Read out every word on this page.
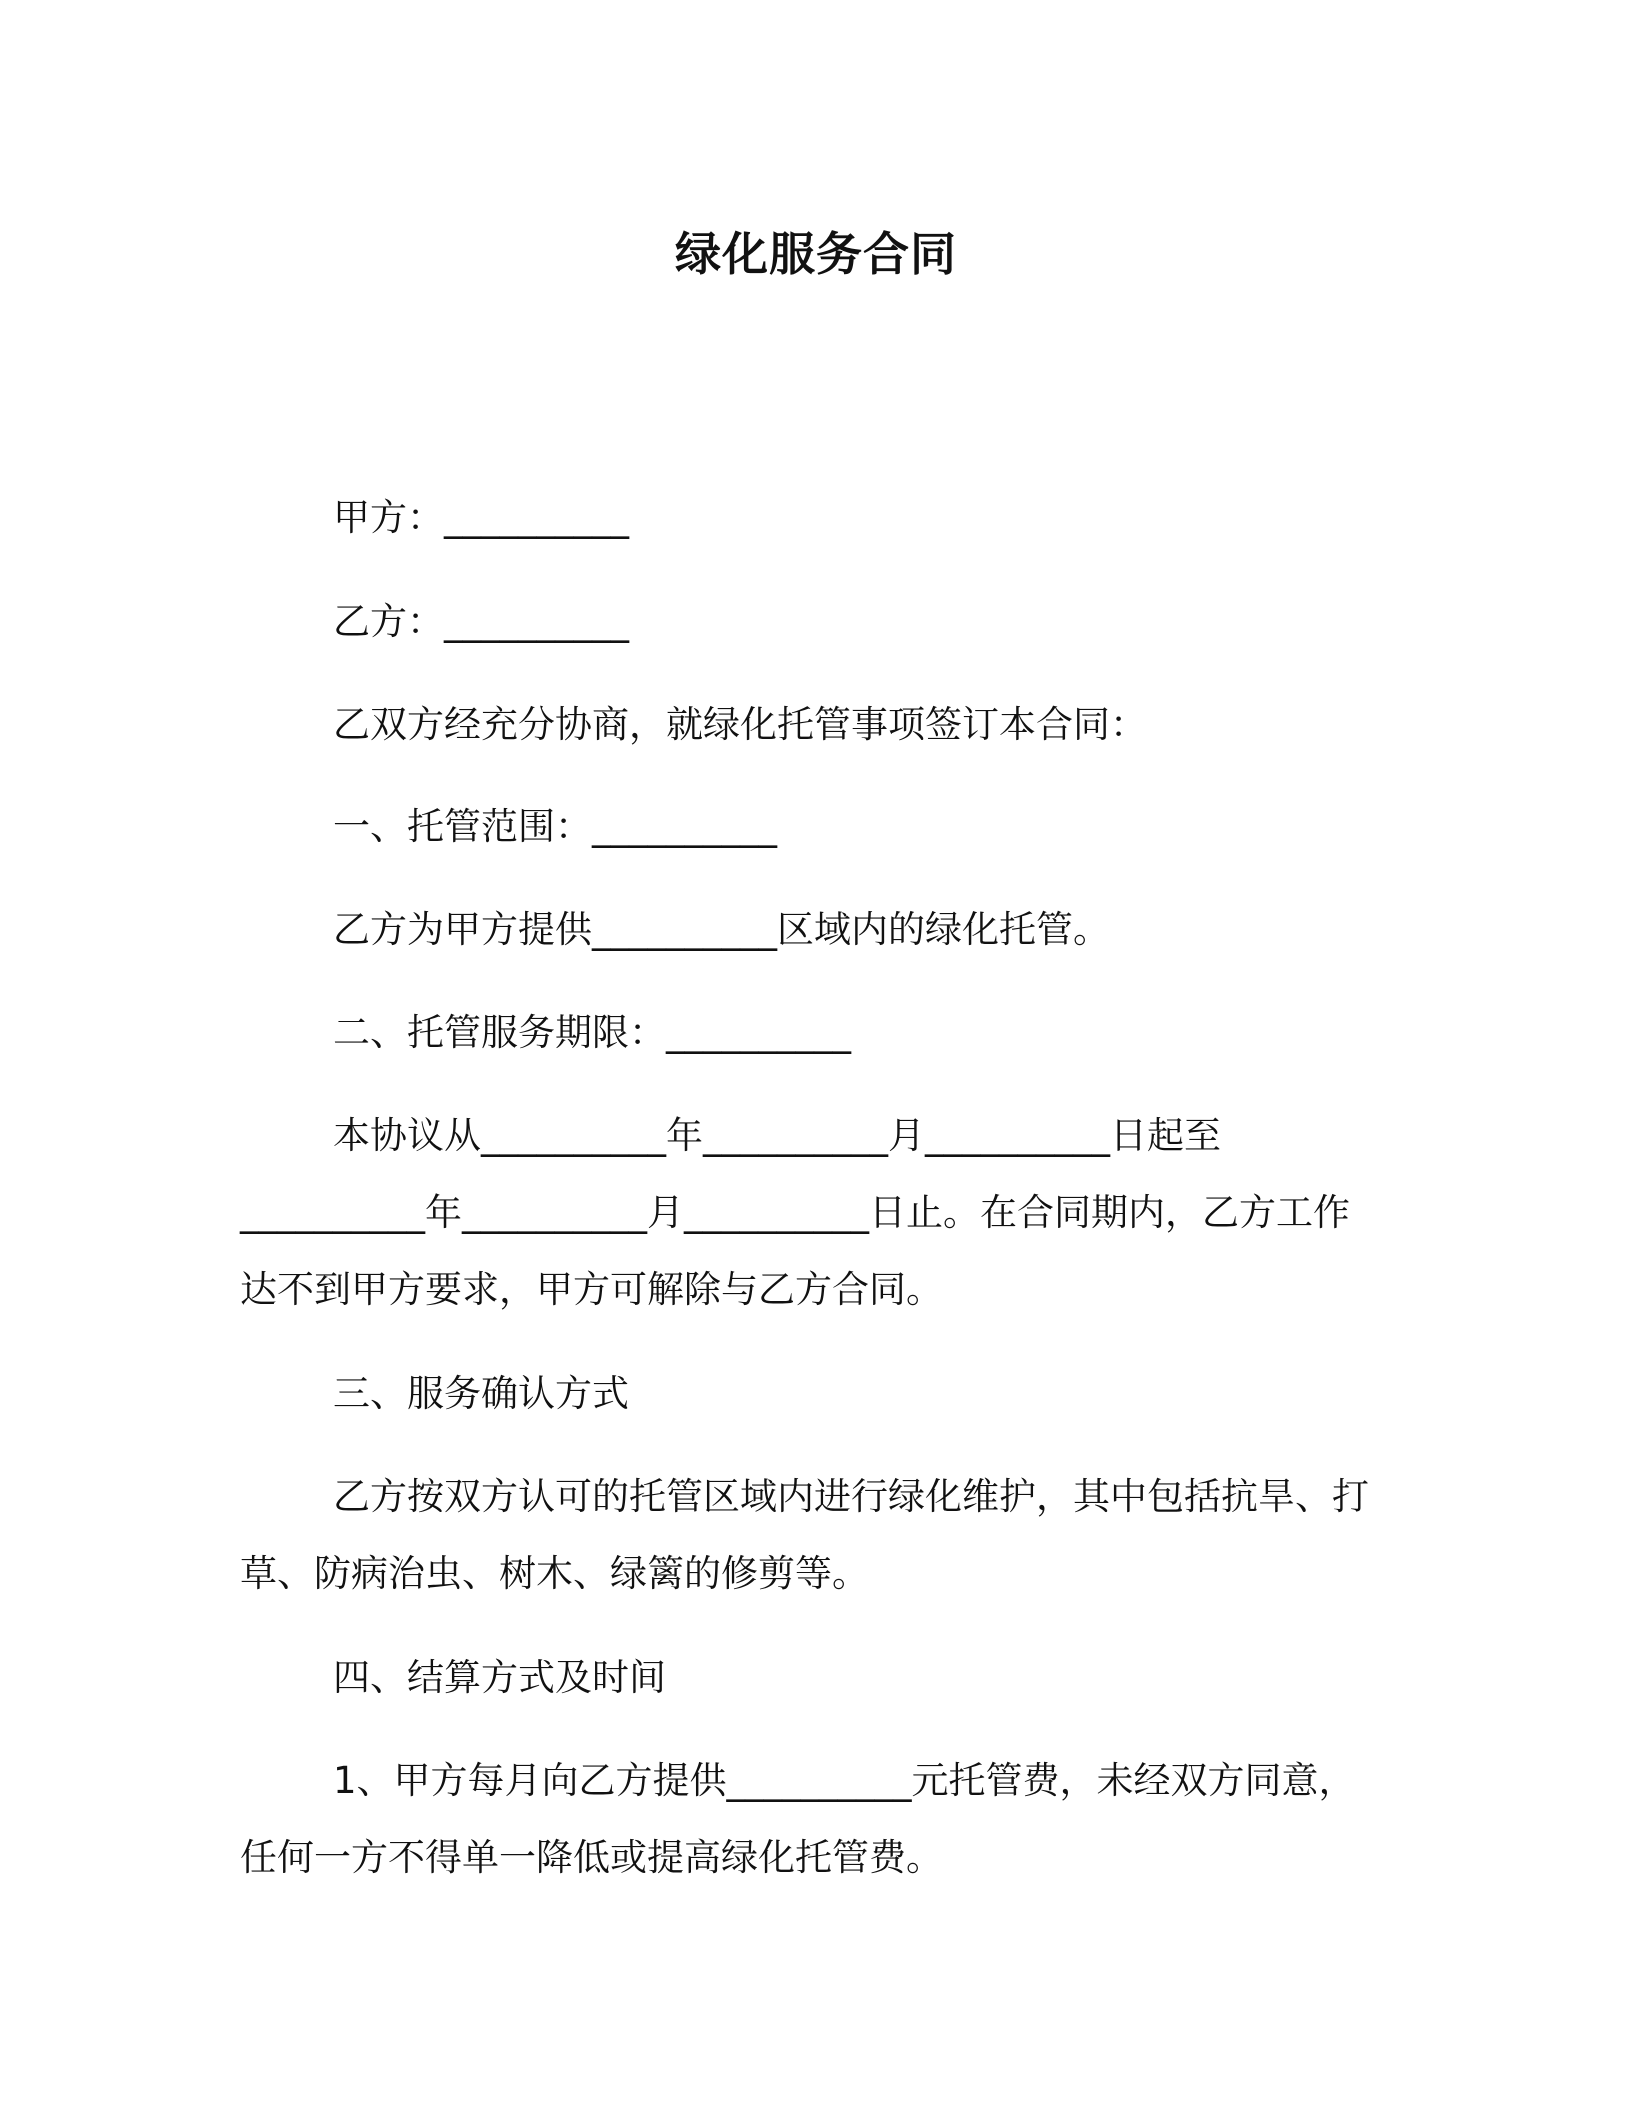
绿化服务合同
甲方：__________
乙方：__________
乙双方经充分协商，就绿化托管事项签订本合同：
一、托管范围：__________
乙方为甲方提供__________区域内的绿化托管。
二、托管服务期限：__________
本协议从__________年__________月__________日起至
__________年__________月__________日止。在合同期内，乙方工作
达不到甲方要求，甲方可解除与乙方合同。
三、服务确认方式
乙方按双方认可的托管区域内进行绿化维护，其中包括抗旱、打
草、防病治虫、树木、绿篱的修剪等。
四、结算方式及时间
1、甲方每月向乙方提供__________元托管费，未经双方同意，
任何一方不得单一降低或提高绿化托管费。
